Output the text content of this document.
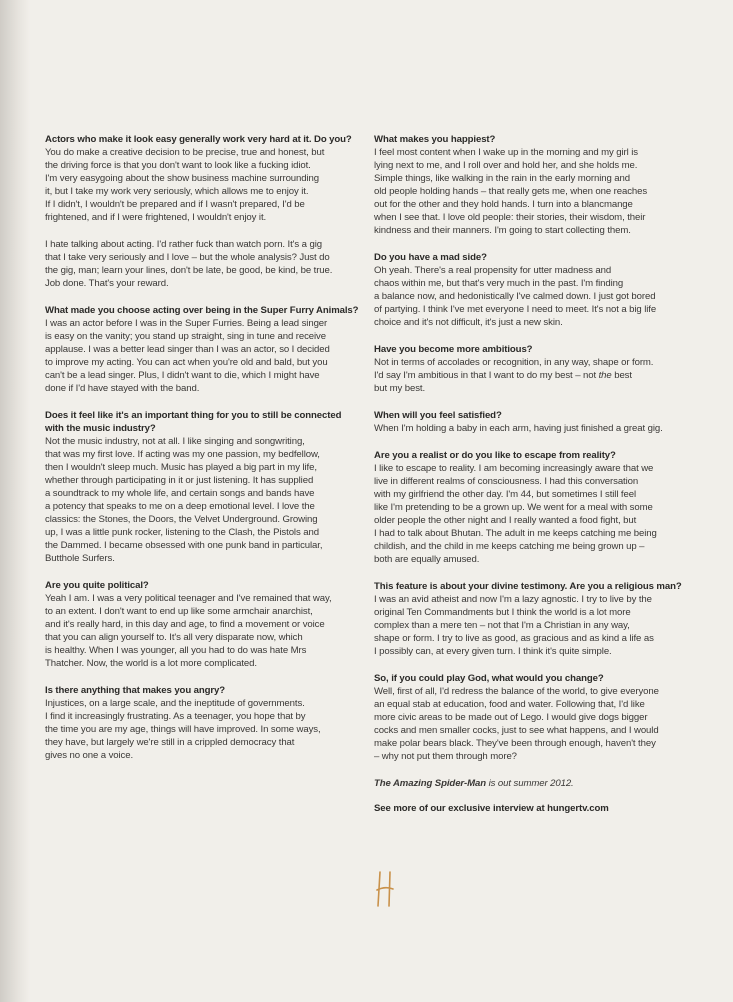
Actors who make it look easy generally work very hard at it. Do you?
You do make a creative decision to be precise, true and honest, but
the driving force is that you don't want to look like a fucking idiot.
I'm very easygoing about the show business machine surrounding
it, but I take my work very seriously, which allows me to enjoy it.
If I didn't, I wouldn't be prepared and if I wasn't prepared, I'd be
frightened, and if I were frightened, I wouldn't enjoy it.
I hate talking about acting. I'd rather fuck than watch porn. It's a gig
that I take very seriously and I love – but the whole analysis? Just do
the gig, man; learn your lines, don't be late, be good, be kind, be true.
Job done. That's your reward.
What made you choose acting over being in the Super Furry Animals?
I was an actor before I was in the Super Furries. Being a lead singer
is easy on the vanity; you stand up straight, sing in tune and receive
applause. I was a better lead singer than I was an actor, so I decided
to improve my acting. You can act when you're old and bald, but you
can't be a lead singer. Plus, I didn't want to die, which I might have
done if I'd have stayed with the band.
Does it feel like it's an important thing for you to still be connected
with the music industry?
Not the music industry, not at all. I like singing and songwriting,
that was my first love. If acting was my one passion, my bedfellow,
then I wouldn't sleep much. Music has played a big part in my life,
whether through participating in it or just listening. It has supplied
a soundtrack to my whole life, and certain songs and bands have
a potency that speaks to me on a deep emotional level. I love the
classics: the Stones, the Doors, the Velvet Underground. Growing
up, I was a little punk rocker, listening to the Clash, the Pistols and
the Dammed. I became obsessed with one punk band in particular,
Butthole Surfers.
Are you quite political?
Yeah I am. I was a very political teenager and I've remained that way,
to an extent. I don't want to end up like some armchair anarchist,
and it's really hard, in this day and age, to find a movement or voice
that you can align yourself to. It's all very disparate now, which
is healthy. When I was younger, all you had to do was hate Mrs
Thatcher. Now, the world is a lot more complicated.
Is there anything that makes you angry?
Injustices, on a large scale, and the ineptitude of governments.
I find it increasingly frustrating. As a teenager, you hope that by
the time you are my age, things will have improved. In some ways,
they have, but largely we're still in a crippled democracy that
gives no one a voice.
What makes you happiest?
I feel most content when I wake up in the morning and my girl is
lying next to me, and I roll over and hold her, and she holds me.
Simple things, like walking in the rain in the early morning and
old people holding hands – that really gets me, when one reaches
out for the other and they hold hands. I turn into a blancmange
when I see that. I love old people: their stories, their wisdom, their
kindness and their manners. I'm going to start collecting them.
Do you have a mad side?
Oh yeah. There's a real propensity for utter madness and
chaos within me, but that's very much in the past. I'm finding
a balance now, and hedonistically I've calmed down. I just got bored
of partying. I think I've met everyone I need to meet. It's not a big life
choice and it's not difficult, it's just a new skin.
Have you become more ambitious?
Not in terms of accolades or recognition, in any way, shape or form.
I'd say I'm ambitious in that I want to do my best – not the best
but my best.
When will you feel satisfied?
When I'm holding a baby in each arm, having just finished a great gig.
Are you a realist or do you like to escape from reality?
I like to escape to reality. I am becoming increasingly aware that we
live in different realms of consciousness. I had this conversation
with my girlfriend the other day. I'm 44, but sometimes I still feel
like I'm pretending to be a grown up. We went for a meal with some
older people the other night and I really wanted a food fight, but
I had to talk about Bhutan. The adult in me keeps catching me being
childish, and the child in me keeps catching me being grown up –
both are equally amused.
This feature is about your divine testimony. Are you a religious man?
I was an avid atheist and now I'm a lazy agnostic. I try to live by the
original Ten Commandments but I think the world is a lot more
complex than a mere ten – not that I'm a Christian in any way,
shape or form. I try to live as good, as gracious and as kind a life as
I possibly can, at every given turn. I think it's quite simple.
So, if you could play God, what would you change?
Well, first of all, I'd redress the balance of the world, to give everyone
an equal stab at education, food and water. Following that, I'd like
more civic areas to be made out of Lego. I would give dogs bigger
cocks and men smaller cocks, just to see what happens, and I would
make polar bears black. They've been through enough, haven't they
– why not put them through more?
The Amazing Spider-Man is out summer 2012.
See more of our exclusive interview at hungertv.com
